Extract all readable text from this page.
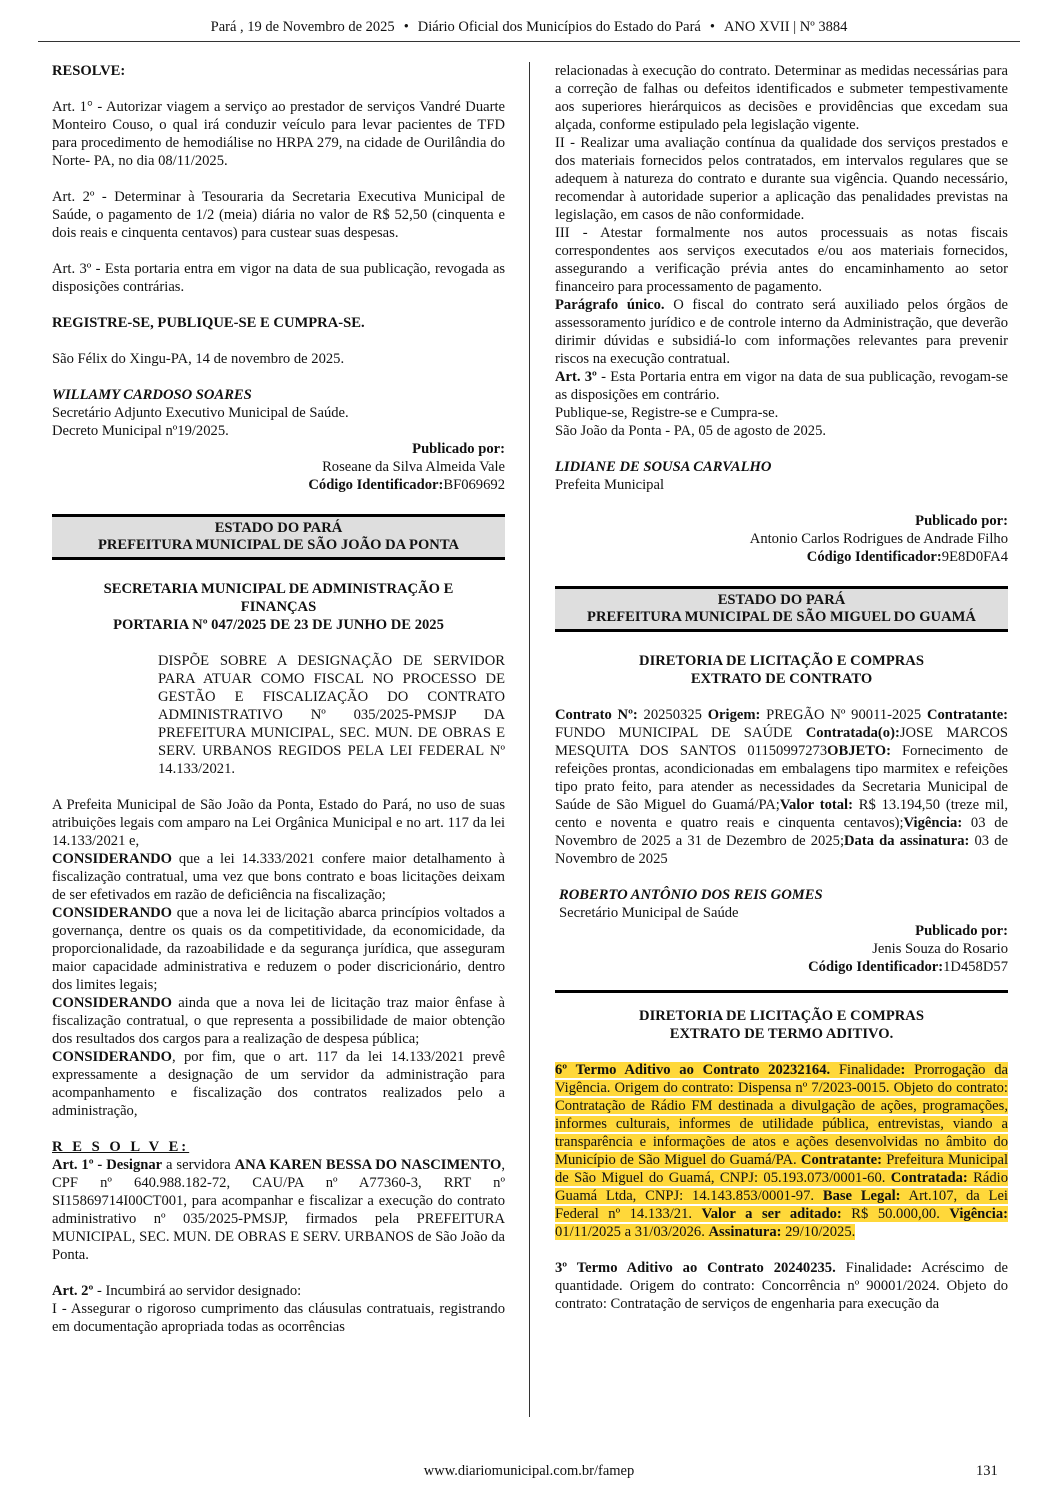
Pará , 19 de Novembro de 2025 • Diário Oficial dos Municípios do Estado do Pará • ANO XVII | Nº 3884

RESOLVE:

Art. 1° - Autorizar viagem a serviço ao prestador de serviços Vandré Duarte Monteiro Couso, o qual irá conduzir veículo para levar pacientes de TFD para procedimento de hemodiálise no HRPA 279, na cidade de Ourilândia do Norte- PA, no dia 08/11/2025.

Art. 2º - Determinar à Tesouraria da Secretaria Executiva Municipal de Saúde, o pagamento de 1/2 (meia) diária no valor de R$ 52,50 (cinquenta e dois reais e cinquenta centavos) para custear suas despesas.

Art. 3º - Esta portaria entra em vigor na data de sua publicação, revogada as disposições contrárias.

REGISTRE-SE, PUBLIQUE-SE E CUMPRA-SE.

São Félix do Xingu-PA, 14 de novembro de 2025.

WILLAMY CARDOSO SOARES

Secretário Adjunto Executivo Municipal de Saúde.

Decreto Municipal nº19/2025.

Publicado por:

Roseane da Silva Almeida Vale

Código Identificador:BF069692

ESTADO DO PARÁ
PREFEITURA MUNICIPAL DE SÃO JOÃO DA PONTA

SECRETARIA MUNICIPAL DE ADMINISTRAÇÃO E FINANÇAS

PORTARIA Nº 047/2025 DE 23 DE JUNHO DE 2025

DISPÕE SOBRE A DESIGNAÇÃO DE SERVIDOR PARA ATUAR COMO FISCAL NO PROCESSO DE GESTÃO E FISCALIZAÇÃO DO CONTRATO ADMINISTRATIVO Nº 035/2025-PMSJP DA PREFEITURA MUNICIPAL, SEC. MUN. DE OBRAS E SERV. URBANOS REGIDOS PELA LEI FEDERAL Nº 14.133/2021.

A Prefeita Municipal de São João da Ponta, Estado do Pará, no uso de suas atribuições legais com amparo na Lei Orgânica Municipal e no art. 117 da lei 14.133/2021 e,

CONSIDERANDO que a lei 14.333/2021 confere maior detalhamento à fiscalização contratual, uma vez que bons contrato e boas licitações deixam de ser efetivados em razão de deficiência na fiscalização;

CONSIDERANDO que a nova lei de licitação abarca princípios voltados a governança, dentre os quais os da competitividade, da economicidade, da proporcionalidade, da razoabilidade e da segurança jurídica, que asseguram maior capacidade administrativa e reduzem o poder discricionário, dentro dos limites legais;

CONSIDERANDO ainda que a nova lei de licitação traz maior ênfase à fiscalização contratual, o que representa a possibilidade de maior obtenção dos resultados dos cargos para a realização de despesa pública;

CONSIDERANDO, por fim, que o art. 117 da lei 14.133/2021 prevê expressamente a designação de um servidor da administração para acompanhamento e fiscalização dos contratos realizados pelo a administração,

R E S O L V E:

Art. 1º - Designar a servidora ANA KAREN BESSA DO NASCIMENTO, CPF nº 640.988.182-72, CAU/PA nº A77360-3, RRT nº SI15869714I00CT001, para acompanhar e fiscalizar a execução do contrato administrativo nº 035/2025-PMSJP, firmados pela PREFEITURA MUNICIPAL, SEC. MUN. DE OBRAS E SERV. URBANOS de São João da Ponta.

Art. 2º - Incumbirá ao servidor designado:

I - Assegurar o rigoroso cumprimento das cláusulas contratuais, registrando em documentação apropriada todas as ocorrências

relacionadas à execução do contrato. Determinar as medidas necessárias para a correção de falhas ou defeitos identificados e submeter tempestivamente aos superiores hierárquicos as decisões e providências que excedam sua alçada, conforme estipulado pela legislação vigente.

II - Realizar uma avaliação contínua da qualidade dos serviços prestados e dos materiais fornecidos pelos contratados, em intervalos regulares que se adequem à natureza do contrato e durante sua vigência. Quando necessário, recomendar à autoridade superior a aplicação das penalidades previstas na legislação, em casos de não conformidade.

III - Atestar formalmente nos autos processuais as notas fiscais correspondentes aos serviços executados e/ou aos materiais fornecidos, assegurando a verificação prévia antes do encaminhamento ao setor financeiro para processamento de pagamento.

Parágrafo único. O fiscal do contrato será auxiliado pelos órgãos de assessoramento jurídico e de controle interno da Administração, que deverão dirimir dúvidas e subsidiá-lo com informações relevantes para prevenir riscos na execução contratual.

Art. 3º - Esta Portaria entra em vigor na data de sua publicação, revogam-se as disposições em contrário.

Publique-se, Registre-se e Cumpra-se.

São João da Ponta - PA, 05 de agosto de 2025.

LIDIANE DE SOUSA CARVALHO

Prefeita Municipal

Publicado por:

Antonio Carlos Rodrigues de Andrade Filho

Código Identificador:9E8D0FA4

ESTADO DO PARÁ
PREFEITURA MUNICIPAL DE SÃO MIGUEL DO GUAMÁ

DIRETORIA DE LICITAÇÃO E COMPRAS

EXTRATO DE CONTRATO

Contrato Nº: 20250325 Origem: PREGÃO Nº 90011-2025 Contratante: FUNDO MUNICIPAL DE SAÚDE Contratada(o):JOSE MARCOS MESQUITA DOS SANTOS 01150997273OBJETO: Fornecimento de refeições prontas, acondicionadas em embalagens tipo marmitex e refeições tipo prato feito, para atender as necessidades da Secretaria Municipal de Saúde de São Miguel do Guamá/PA;Valor total: R$ 13.194,50 (treze mil, cento e noventa e quatro reais e cinquenta centavos);Vigência: 03 de Novembro de 2025 a 31 de Dezembro de 2025;Data da assinatura: 03 de Novembro de 2025

ROBERTO ANTÔNIO DOS REIS GOMES

Secretário Municipal de Saúde

Publicado por:

Jenis Souza do Rosario

Código Identificador:1D458D57

DIRETORIA DE LICITAÇÃO E COMPRAS

EXTRATO DE TERMO ADITIVO.

6º Termo Aditivo ao Contrato 20232164. Finalidade: Prorrogação da Vigência. Origem do contrato: Dispensa nº 7/2023-0015. Objeto do contrato: Contratação de Rádio FM destinada a divulgação de ações, programações, informes culturais, informes de utilidade pública, entrevistas, viando a transparência e informações de atos e ações desenvolvidas no âmbito do Município de São Miguel do Guamá/PA. Contratante: Prefeitura Municipal de São Miguel do Guamá, CNPJ: 05.193.073/0001-60. Contratada: Rádio Guamá Ltda, CNPJ: 14.143.853/0001-97. Base Legal: Art.107, da Lei Federal nº 14.133/21. Valor a ser aditado: R$ 50.000,00. Vigência: 01/11/2025 a 31/03/2026. Assinatura: 29/10/2025.

3º Termo Aditivo ao Contrato 20240235. Finalidade: Acréscimo de quantidade. Origem do contrato: Concorrência nº 90001/2024. Objeto do contrato: Contratação de serviços de engenharia para execução da

www.diariomunicipal.com.br/famep	131
